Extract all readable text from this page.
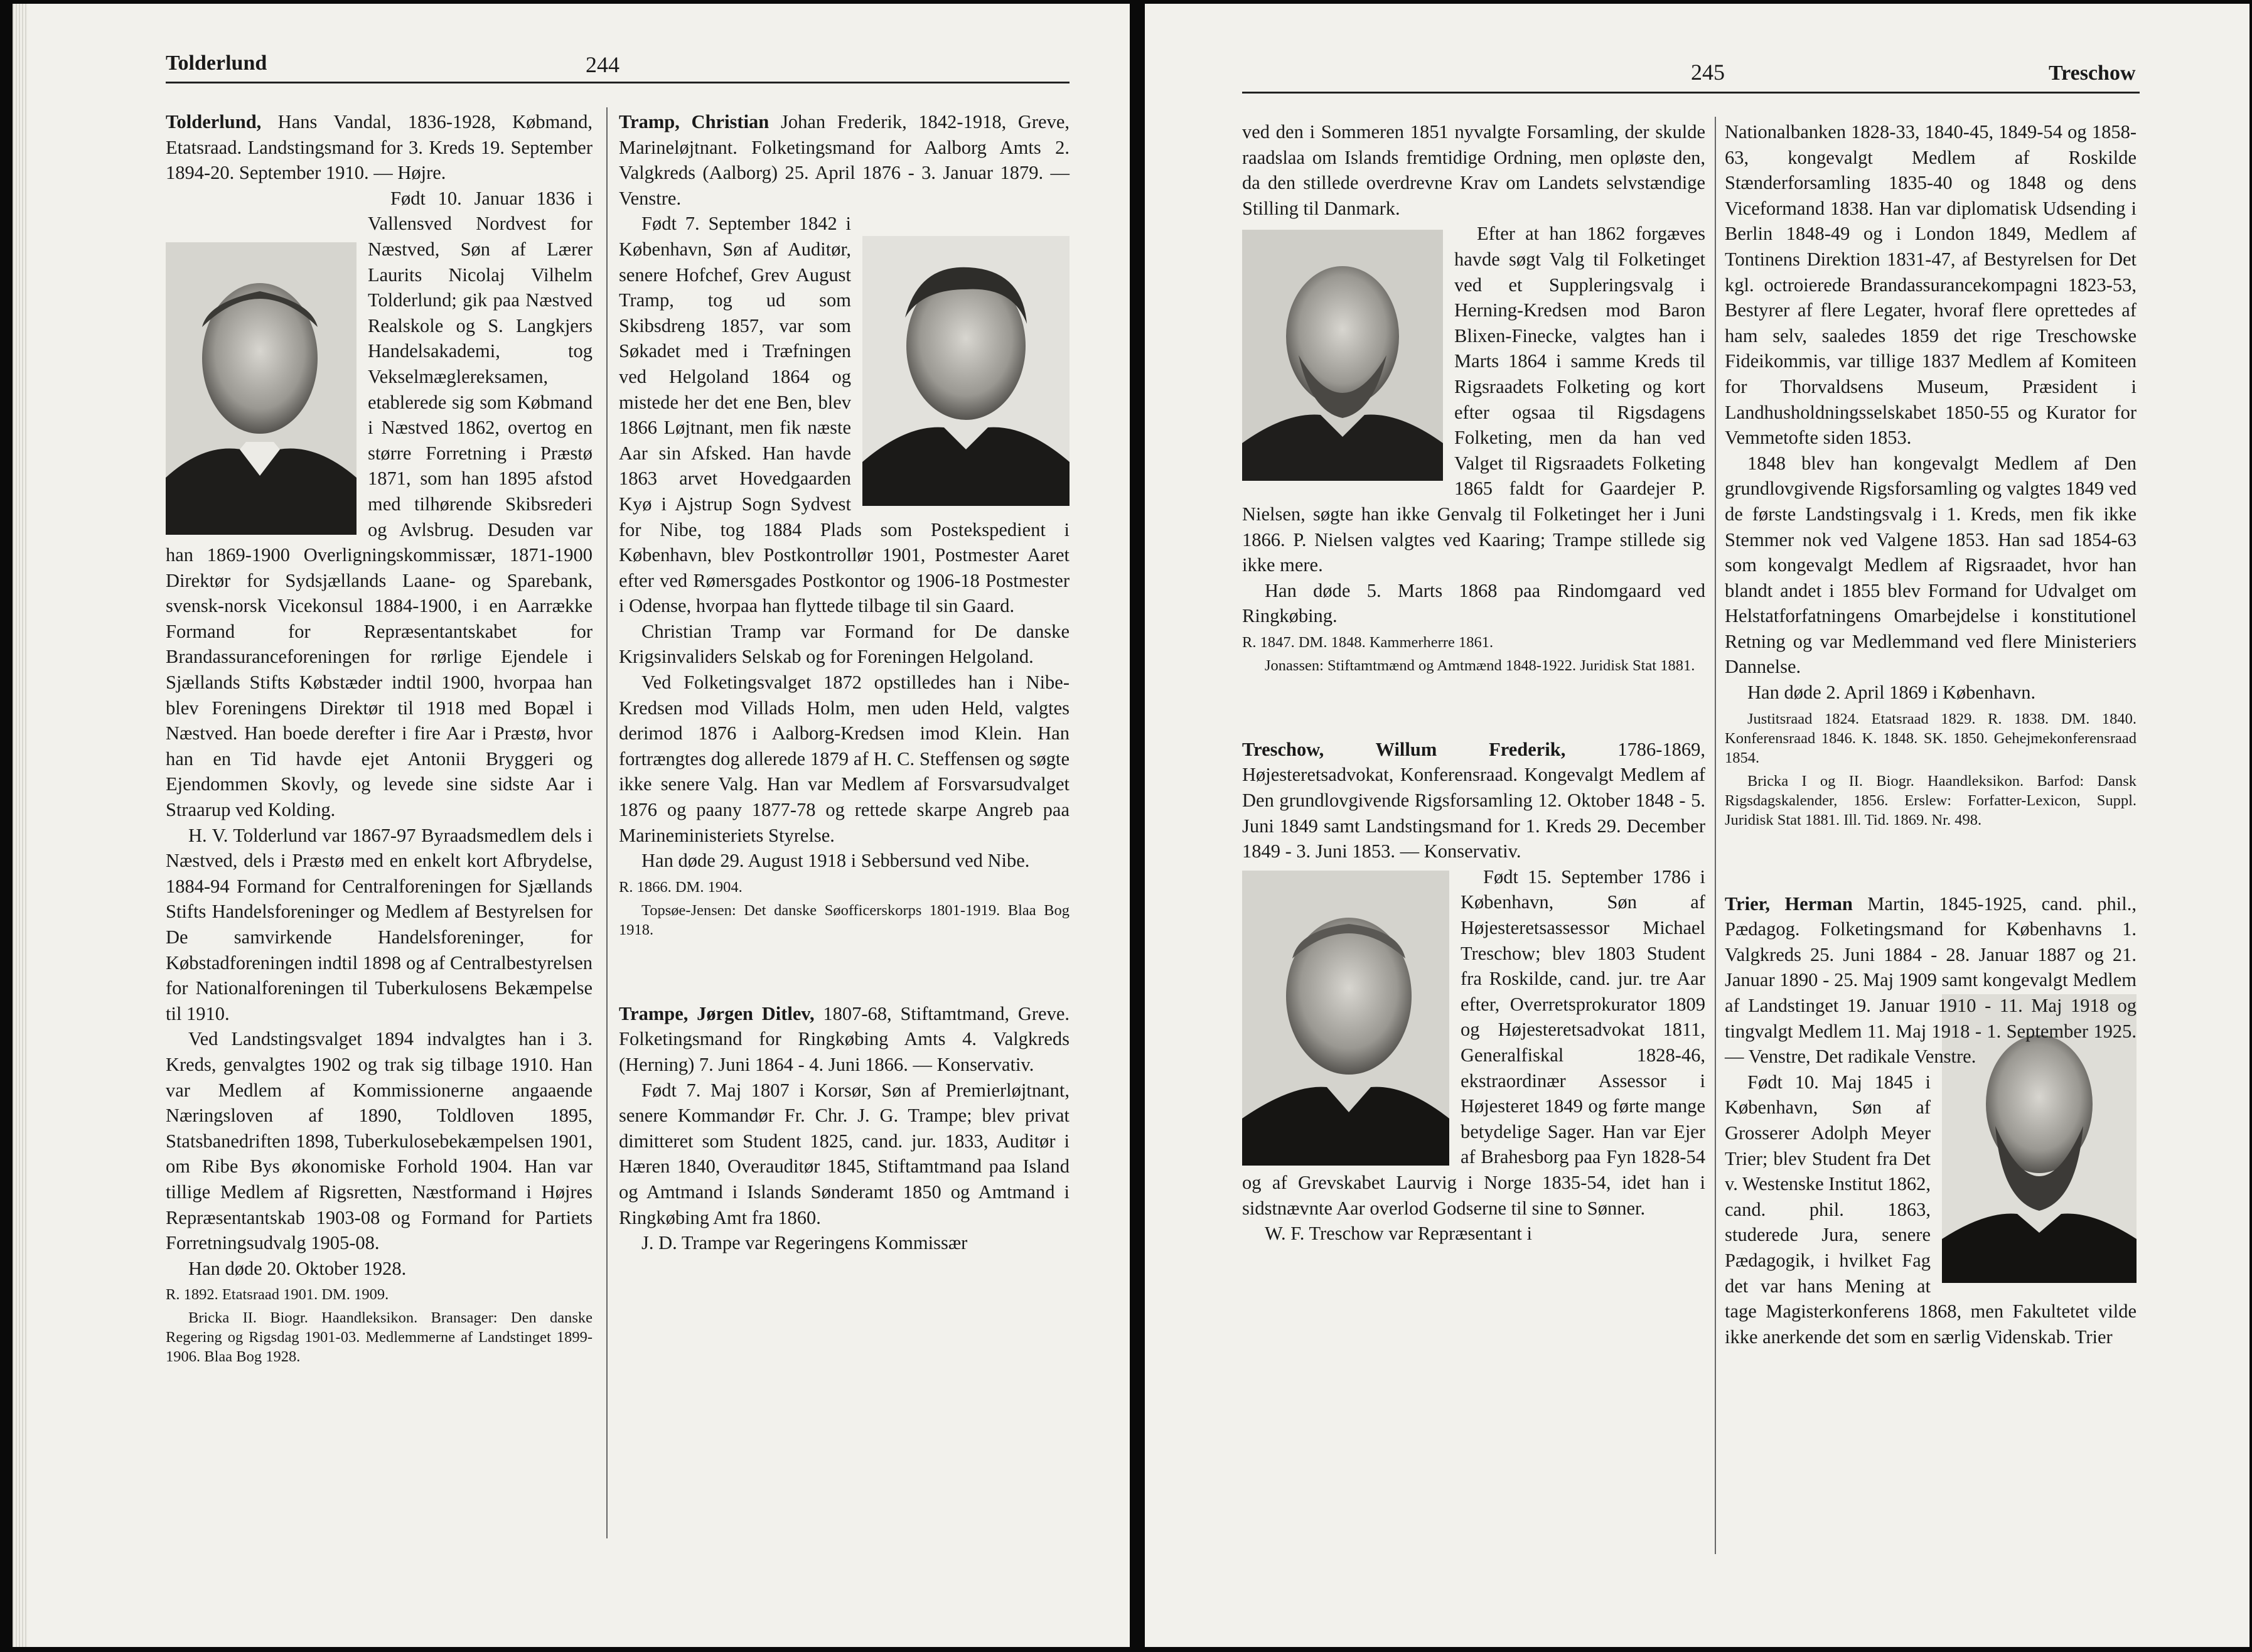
Tolderlund	244

Tolderlund, Hans Vandal, 1836-1928, Købmand, Etatsraad. Landstingsmand for 3. Kreds 19. September 1894-20. September 1910. — Højre.

Født 10. Januar 1836 i Vallensved Nordvest for Næstved, Søn af Lærer Laurits Nicolaj Vilhelm Tolderlund; gik paa Næstved Realskole og S. Langkjers Handelsakademi, tog Vekselmæglereksamen, etablerede sig som Købmand i Næstved 1862, overtog en større Forretning i Præstø 1871, som han 1895 afstod med tilhørende Skibsrederi og Avlsbrug. Desuden var han 1869-1900 Overligningskommissær, 1871-1900 Direktør for Sydsjællands Laane- og Sparebank, svensk-norsk Vicekonsul 1884-1900, i en Aarrække Formand for Repræsentantskabet for Brandassuranceforeningen for rørlige Ejendele i Sjællands Stifts Købstæder indtil 1900, hvorpaa han blev Foreningens Direktør til 1918 med Bopæl i Næstved. Han boede derefter i fire Aar i Præstø, hvor han en Tid havde ejet Antonii Bryggeri og Ejendommen Skovly, og levede sine sidste Aar i Straarup ved Kolding.

H. V. Tolderlund var 1867-97 Byraadsmedlem dels i Næstved, dels i Præstø med en enkelt kort Afbrydelse, 1884-94 Formand for Centralforeningen for Sjællands Stifts Handelsforeninger og Medlem af Bestyrelsen for De samvirkende Handelsforeninger, for Købstadforeningen indtil 1898 og af Centralbestyrelsen for Nationalforeningen til Tuberkulosens Bekæmpelse til 1910.

Ved Landstingsvalget 1894 indvalgtes han i 3. Kreds, genvalgtes 1902 og trak sig tilbage 1910. Han var Medlem af Kommissionerne angaaende Næringsloven af 1890, Toldloven 1895, Statsbanedriften 1898, Tuberkulosebekæmpelsen 1901, om Ribe Bys økonomiske Forhold 1904. Han var tillige Medlem af Rigsretten, Næstformand i Højres Repræsentantskab 1903-08 og Formand for Partiets Forretningsudvalg 1905-08.

Han døde 20. Oktober 1928.

R. 1892. Etatsraad 1901. DM. 1909.

Bricka II. Biogr. Haandleksikon. Bransager: Den danske Regering og Rigsdag 1901-03. Medlemmerne af Landstinget 1899-1906. Blaa Bog 1928.

Tramp, Christian Johan Frederik, 1842-1918, Greve, Marineløjtnant. Folketingsmand for Aalborg Amts 2. Valgkreds (Aalborg) 25. April 1876 - 3. Januar 1879. — Venstre.

Født 7. September 1842 i København, Søn af Auditør, senere Hofchef, Grev August Tramp, tog ud som Skibsdreng 1857, var som Søkadet med i Træfningen ved Helgoland 1864 og mistede her det ene Ben, blev 1866 Løjtnant, men fik næste Aar sin Afsked. Han havde 1863 arvet Hovedgaarden Kyø i Ajstrup Sogn Sydvest for Nibe, tog 1884 Plads som Postekspedient i København, blev Postkontrollør 1901, Postmester Aaret efter ved Rømersgades Postkontor og 1906-18 Postmester i Odense, hvorpaa han flyttede tilbage til sin Gaard.

Christian Tramp var Formand for De danske Krigsinvaliders Selskab og for Foreningen Helgoland.

Ved Folketingsvalget 1872 opstilledes han i Nibe-Kredsen mod Villads Holm, men uden Held, valgtes derimod 1876 i Aalborg-Kredsen imod Klein. Han fortrængtes dog allerede 1879 af H. C. Steffensen og søgte ikke senere Valg. Han var Medlem af Forsvarsudvalget 1876 og paany 1877-78 og rettede skarpe Angreb paa Marineministeriets Styrelse.

Han døde 29. August 1918 i Sebbersund ved Nibe.

R. 1866. DM. 1904.

Topsøe-Jensen: Det danske Søofficerskorps 1801-1919. Blaa Bog 1918.

Trampe, Jørgen Ditlev, 1807-68, Stiftamtmand, Greve. Folketingsmand for Ringkøbing Amts 4. Valgkreds (Herning) 7. Juni 1864 - 4. Juni 1866. — Konservativ.

Født 7. Maj 1807 i Korsør, Søn af Premierløjtnant, senere Kommandør Fr. Chr. J. G. Trampe; blev privat dimitteret som Student 1825, cand. jur. 1833, Auditør i Hæren 1840, Overauditør 1845, Stiftamtmand paa Island og Amtmand i Islands Sønderamt 1850 og Amtmand i Ringkøbing Amt fra 1860.

J. D. Trampe var Regeringens Kommissær

245	Treschow

ved den i Sommeren 1851 nyvalgte Forsamling, der skulde raadslaa om Islands fremtidige Ordning, men opløste den, da den stillede overdrevne Krav om Landets selvstændige Stilling til Danmark.

Efter at han 1862 forgæves havde søgt Valg til Folketinget ved et Suppleringsvalg i Herning-Kredsen mod Baron Blixen-Finecke, valgtes han i Marts 1864 i samme Kreds til Rigsraadets Folketing og kort efter ogsaa til Rigsdagens Folketing, men da han ved Valget til Rigsraadets Folketing 1865 faldt for Gaardejer P. Nielsen, søgte han ikke Genvalg til Folketinget her i Juni 1866. P. Nielsen valgtes ved Kaaring; Trampe stillede sig ikke mere.

Han døde 5. Marts 1868 paa Rindomgaard ved Ringkøbing.

R. 1847. DM. 1848. Kammerherre 1861.

Jonassen: Stiftamtmænd og Amtmænd 1848-1922. Juridisk Stat 1881.

Treschow, Willum Frederik, 1786-1869, Højesteretsadvokat, Konferensraad. Kongevalgt Medlem af Den grundlovgivende Rigsforsamling 12. Oktober 1848 - 5. Juni 1849 samt Landstingsmand for 1. Kreds 29. December 1849 - 3. Juni 1853. — Konservativ.

Født 15. September 1786 i København, Søn af Højesteretsassessor Michael Treschow; blev 1803 Student fra Roskilde, cand. jur. tre Aar efter, Overretsprokurator 1809 og Højesteretsadvokat 1811, Generalfiskal 1828-46, ekstraordinær Assessor i Højesteret 1849 og førte mange betydelige Sager. Han var Ejer af Brahesborg paa Fyn 1828-54 og af Grevskabet Laurvig i Norge 1835-54, idet han i sidstnævnte Aar overlod Godserne til sine to Sønner.

W. F. Treschow var Repræsentant i

Nationalbanken 1828-33, 1840-45, 1849-54 og 1858-63, kongevalgt Medlem af Roskilde Stænderforsamling 1835-40 og 1848 og dens Viceformand 1838. Han var diplomatisk Udsending i Berlin 1848-49 og i London 1849, Medlem af Tontinens Direktion 1831-47, af Bestyrelsen for Det kgl. octroierede Brandassurancekompagni 1823-53, Bestyrer af flere Legater, hvoraf flere oprettedes af ham selv, saaledes 1859 det rige Treschowske Fideikommis, var tillige 1837 Medlem af Komiteen for Thorvaldsens Museum, Præsident i Landhusholdningsselskabet 1850-55 og Kurator for Vemmetofte siden 1853.

1848 blev han kongevalgt Medlem af Den grundlovgivende Rigsforsamling og valgtes 1849 ved de første Landstingsvalg i 1. Kreds, men fik ikke Stemmer nok ved Valgene 1853. Han sad 1854-63 som kongevalgt Medlem af Rigsraadet, hvor han blandt andet i 1855 blev Formand for Udvalget om Helstatforfatningens Omarbejdelse i konstitutionel Retning og var Medlemmand ved flere Ministeriers Dannelse.

Han døde 2. April 1869 i København.

Justitsraad 1824. Etatsraad 1829. R. 1838. DM. 1840. Konferensraad 1846. K. 1848. SK. 1850. Gehejmekonferensraad 1854.

Bricka I og II. Biogr. Haandleksikon. Barfod: Dansk Rigsdagskalender, 1856. Erslew: Forfatter-Lexicon, Suppl. Juridisk Stat 1881. Ill. Tid. 1869. Nr. 498.

Trier, Herman Martin, 1845-1925, cand. phil., Pædagog. Folketingsmand for Københavns 1. Valgkreds 25. Juni 1884 - 28. Januar 1887 og 21. Januar 1890 - 25. Maj 1909 samt kongevalgt Medlem af Landstinget 19. Januar 1910 - 11. Maj 1918 og tingvalgt Medlem 11. Maj 1918 - 1. September 1925. — Venstre, Det radikale Venstre.

Født 10. Maj 1845 i København, Søn af Grosserer Adolph Meyer Trier; blev Student fra Det v. Westenske Institut 1862, cand. phil. 1863, studerede Jura, senere Pædagogik, i hvilket Fag det var hans Mening at tage Magisterkonferens 1868, men Fakultetet vilde ikke anerkende det som en særlig Videnskab. Trier
